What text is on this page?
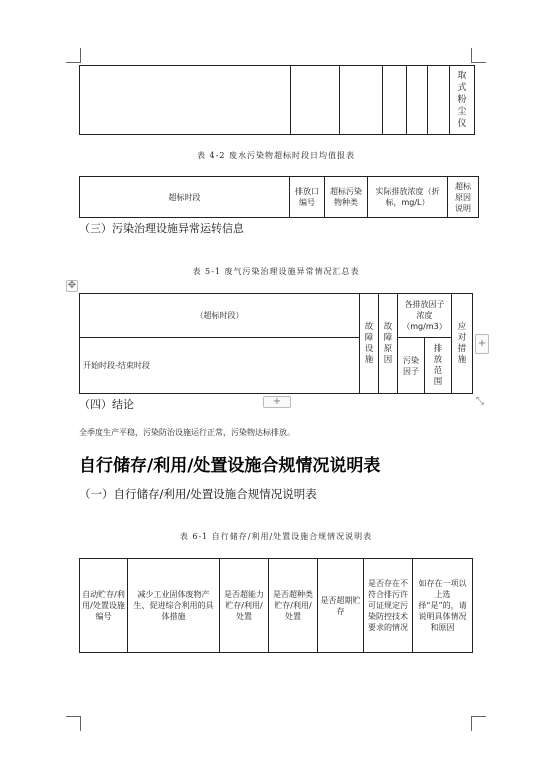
取式粉尘仪
表 4-2 废水污染物超标时段日均值报表
超标时段	排放口编号	超标污染物种类	实际排放浓度（折标，mg/L）	超标原因说明
（三）污染治理设施异常运转信息
表 5-1 废气污染治理设施异常情况汇总表
✥
（超标时段）	故障设施	故障原因	各排放因子浓度（mg/m3）		应对措施

开始时段-结束时段			污染因子	排放范围	
+
+	⤡
（四）结论
全季度生产平稳，污染防治设施运行正常，污染物达标排放。
自行储存/利用/处置设施合规情况说明表
（一）自行储存/利用/处置设施合规情况说明表
表 6-1 自行储存/利用/处置设施合规情况说明表
自动贮存/利用/处置设施编号	减少工业固体废物产生、促进综合利用的具体措施	是否超能力贮存/利用/处置	是否超种类贮存/利用/处置	是否超期贮存	是否存在不符合排污许可证规定污染防控技术要求的情况	如存在一项以上选择“是”的，请说明具体情况和原因
